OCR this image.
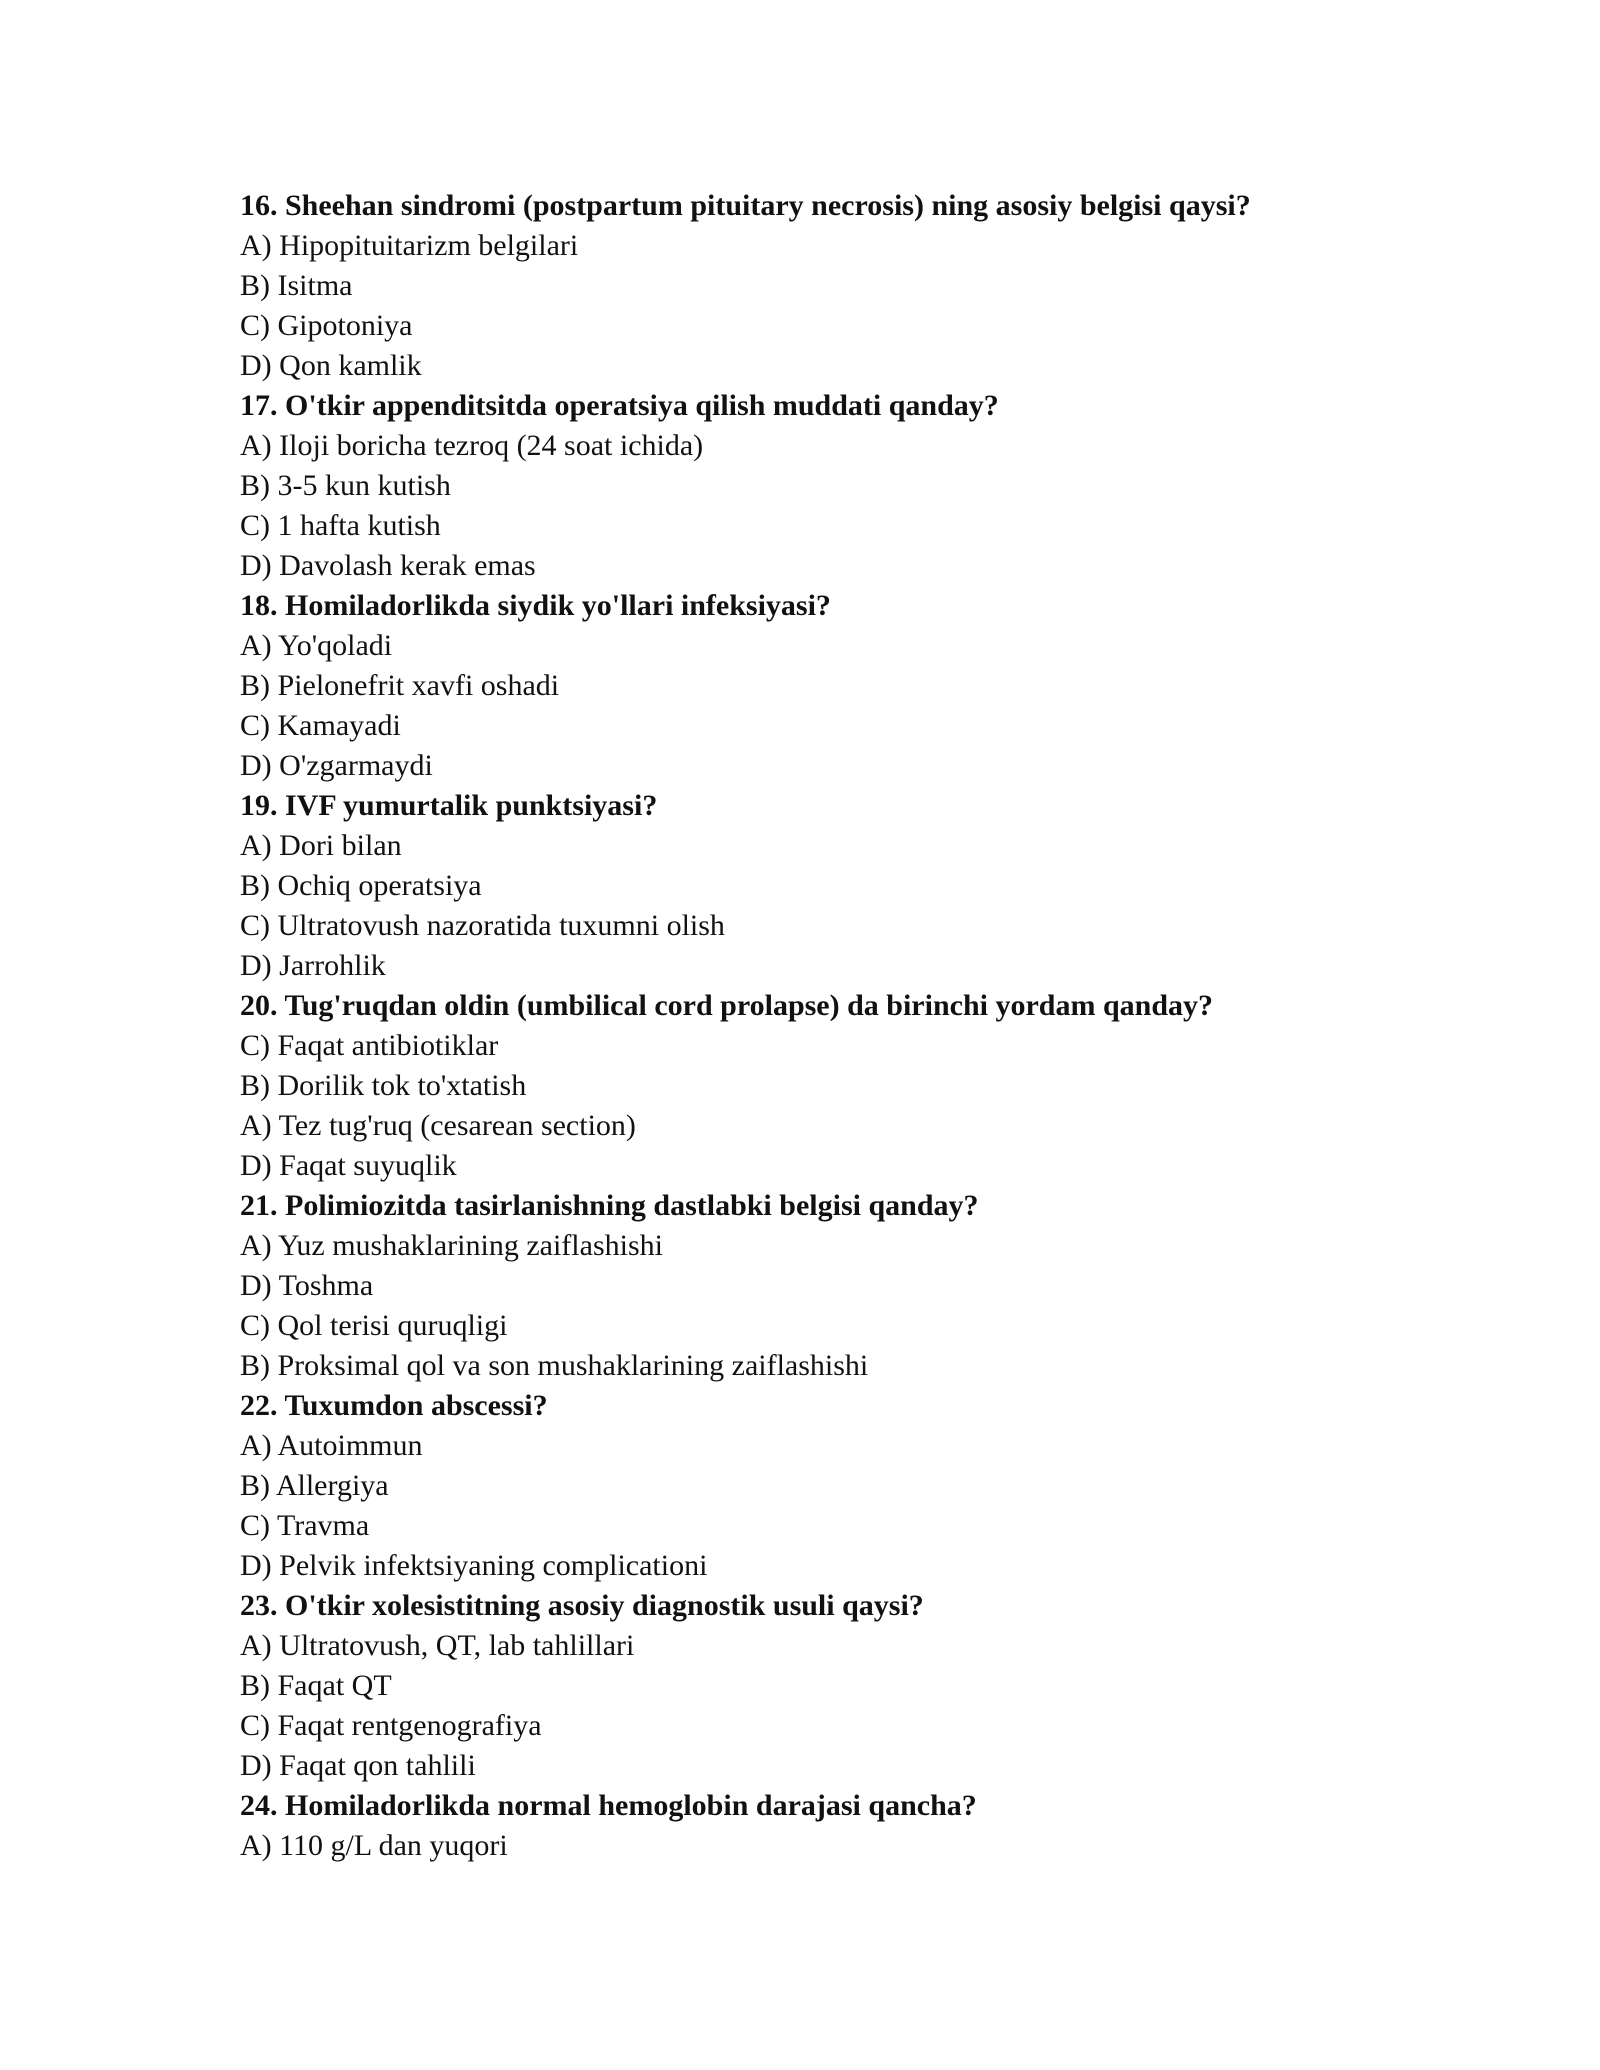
16. Sheehan sindromi (postpartum pituitary necrosis) ning asosiy belgisi qaysi?
A) Hipopituitarizm belgilari
B) Isitma
C) Gipotoniya
D) Qon kamlik
17. O'tkir appenditsitda operatsiya qilish muddati qanday?
A) Iloji boricha tezroq (24 soat ichida)
B) 3-5 kun kutish
C) 1 hafta kutish
D) Davolash kerak emas
18. Homiladorlikda siydik yo'llari infeksiyasi?
A) Yo'qoladi
B) Pielonefrit xavfi oshadi
C) Kamayadi
D) O'zgarmaydi
19. IVF yumurtalik punktsiyasi?
A) Dori bilan
B) Ochiq operatsiya
C) Ultratovush nazoratida tuxumni olish
D) Jarrohlik
20. Tug'ruqdan oldin (umbilical cord prolapse) da birinchi yordam qanday?
C) Faqat antibiotiklar
B) Dorilik tok to'xtatish
A) Tez tug'ruq (cesarean section)
D) Faqat suyuqlik
21. Polimiozitda tasirlanishning dastlabki belgisi qanday?
A) Yuz mushaklarining zaiflashishi
D) Toshma
C) Qol terisi quruqligi
B) Proksimal qol va son mushaklarining zaiflashishi
22. Tuxumdon abscessi?
A) Autoimmun
B) Allergiya
C) Travma
D) Pelvik infektsiyaning complicationi
23. O'tkir xolesistitning asosiy diagnostik usuli qaysi?
A) Ultratovush, QT, lab tahlillari
B) Faqat QT
C) Faqat rentgenografiya
D) Faqat qon tahlili
24. Homiladorlikda normal hemoglobin darajasi qancha?
A) 110 g/L dan yuqori
